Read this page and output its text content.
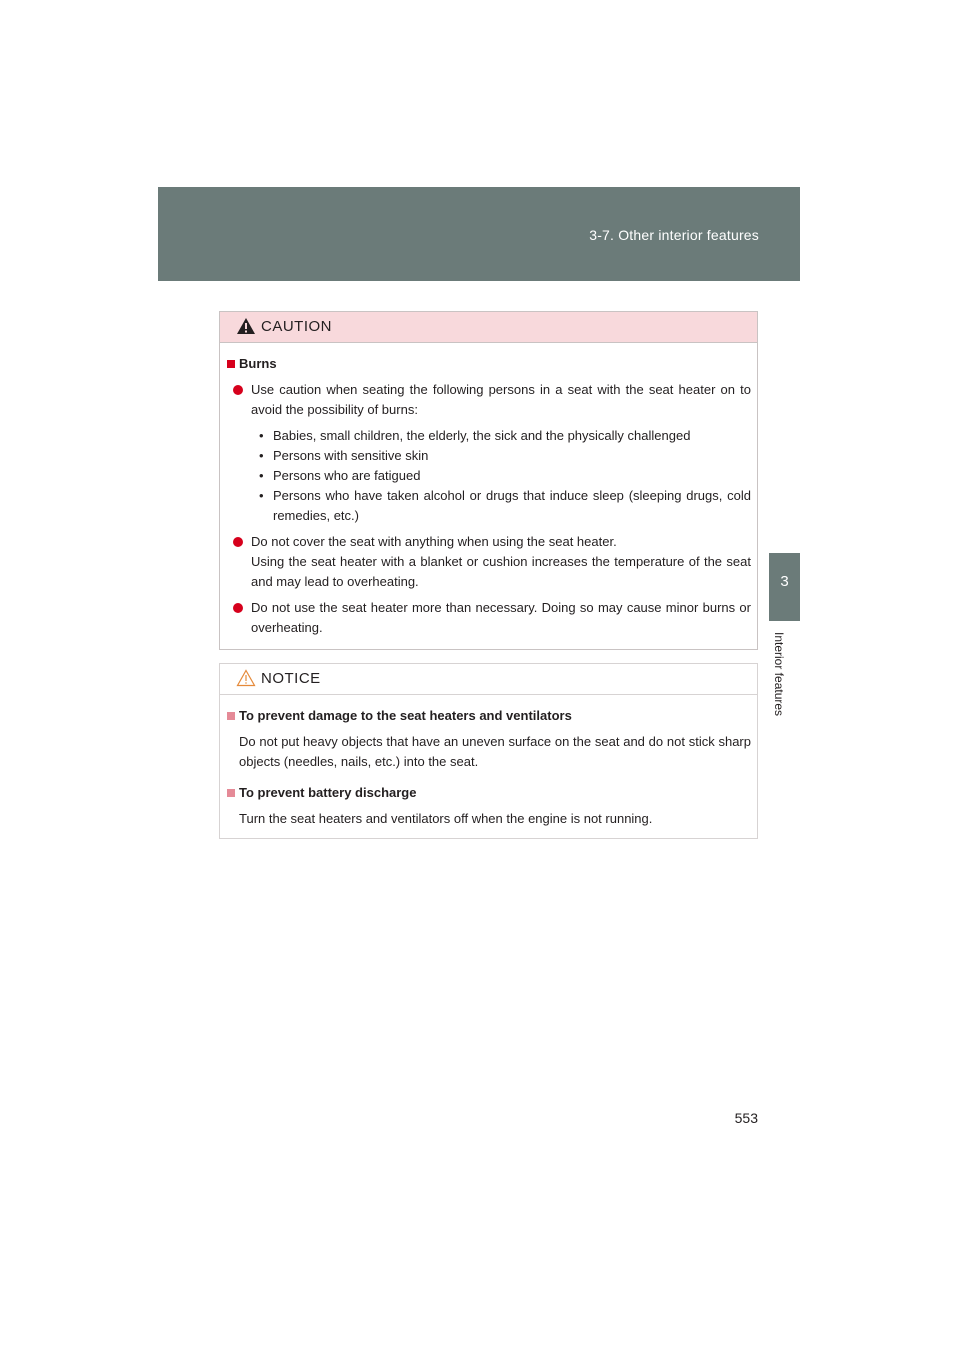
3-7. Other interior features
3
Interior features
CAUTION
Burns
Use caution when seating the following persons in a seat with the seat heater on to avoid the possibility of burns:
• Babies, small children, the elderly, the sick and the physically challenged
• Persons with sensitive skin
• Persons who are fatigued
• Persons who have taken alcohol or drugs that induce sleep (sleeping drugs, cold remedies, etc.)
Do not cover the seat with anything when using the seat heater.
Using the seat heater with a blanket or cushion increases the temperature of the seat and may lead to overheating.
Do not use the seat heater more than necessary. Doing so may cause minor burns or overheating.
NOTICE
To prevent damage to the seat heaters and ventilators
Do not put heavy objects that have an uneven surface on the seat and do not stick sharp objects (needles, nails, etc.) into the seat.
To prevent battery discharge
Turn the seat heaters and ventilators off when the engine is not running.
553
